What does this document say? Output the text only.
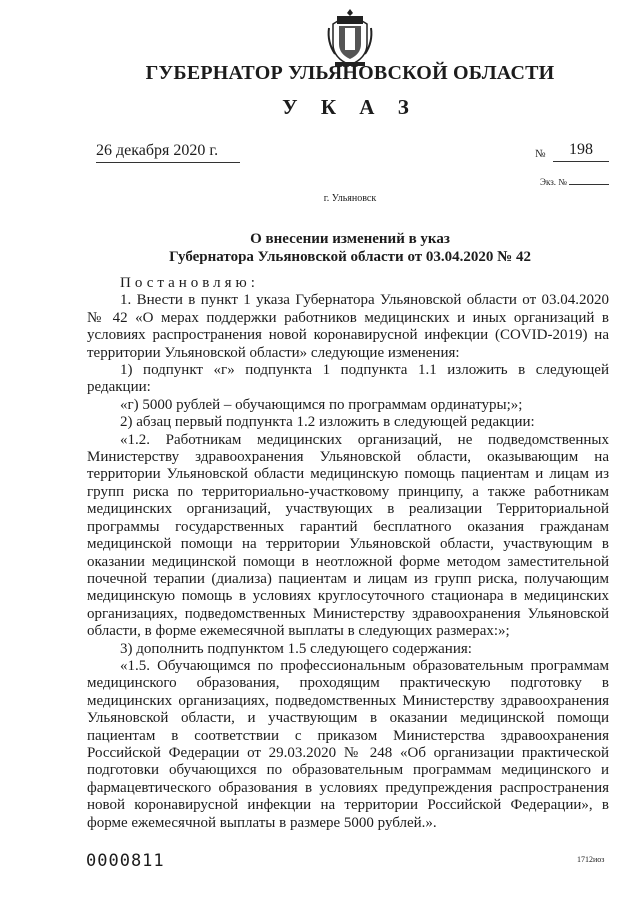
ГУБЕРНАТОР УЛЬЯНОВСКОЙ ОБЛАСТИ
У К А З
26 декабря 2020 г.	№	198
Экз. №
г. Ульяновск
О внесении изменений в указ
Губернатора Ульяновской области от 03.04.2020 № 42

Постановляю:

1. Внести в пункт 1 указа Губернатора Ульяновской области от 03.04.2020 № 42 «О мерах поддержки работников медицинских и иных организаций в условиях распространения новой коронавирусной инфекции (COVID-2019) на территории Ульяновской области» следующие изменения:

1) подпункт «г» подпункта 1 подпункта 1.1 изложить в следующей редакции:

«г) 5000 рублей – обучающимся по программам ординатуры;»;

2) абзац первый подпункта 1.2 изложить в следующей редакции:

«1.2. Работникам медицинских организаций, не подведомственных Министерству здравоохранения Ульяновской области, оказывающим на территории Ульяновской области медицинскую помощь пациентам и лицам из групп риска по территориально-участковому принципу, а также работникам медицинских организаций, участвующих в реализации Территориальной программы государственных гарантий бесплатного оказания гражданам медицинской помощи на территории Ульяновской области, участвующим в оказании медицинской помощи в неотложной форме методом заместительной почечной терапии (диализа) пациентам и лицам из групп риска, получающим медицинскую помощь в условиях круглосуточного стационара в медицинских организациях, подведомственных Министерству здравоохранения Ульяновской области, в форме ежемесячной выплаты в следующих размерах:»;

3) дополнить подпунктом 1.5 следующего содержания:

«1.5. Обучающимся по профессиональным образовательным программам медицинского образования, проходящим практическую подготовку в медицинских организациях, подведомственных Министерству здравоохранения Ульяновской области, и участвующим в оказании медицинской помощи пациентам в соответствии с приказом Министерства здравоохранения Российской Федерации от 29.03.2020 № 248 «Об организации практической подготовки обучающихся по образовательным программам медицинского и фармацевтического образования в условиях предупреждения распространения новой коронавирусной инфекции на территории Российской Федерации», в форме ежемесячной выплаты в размере 5000 рублей.».

0000811	1712иоз
